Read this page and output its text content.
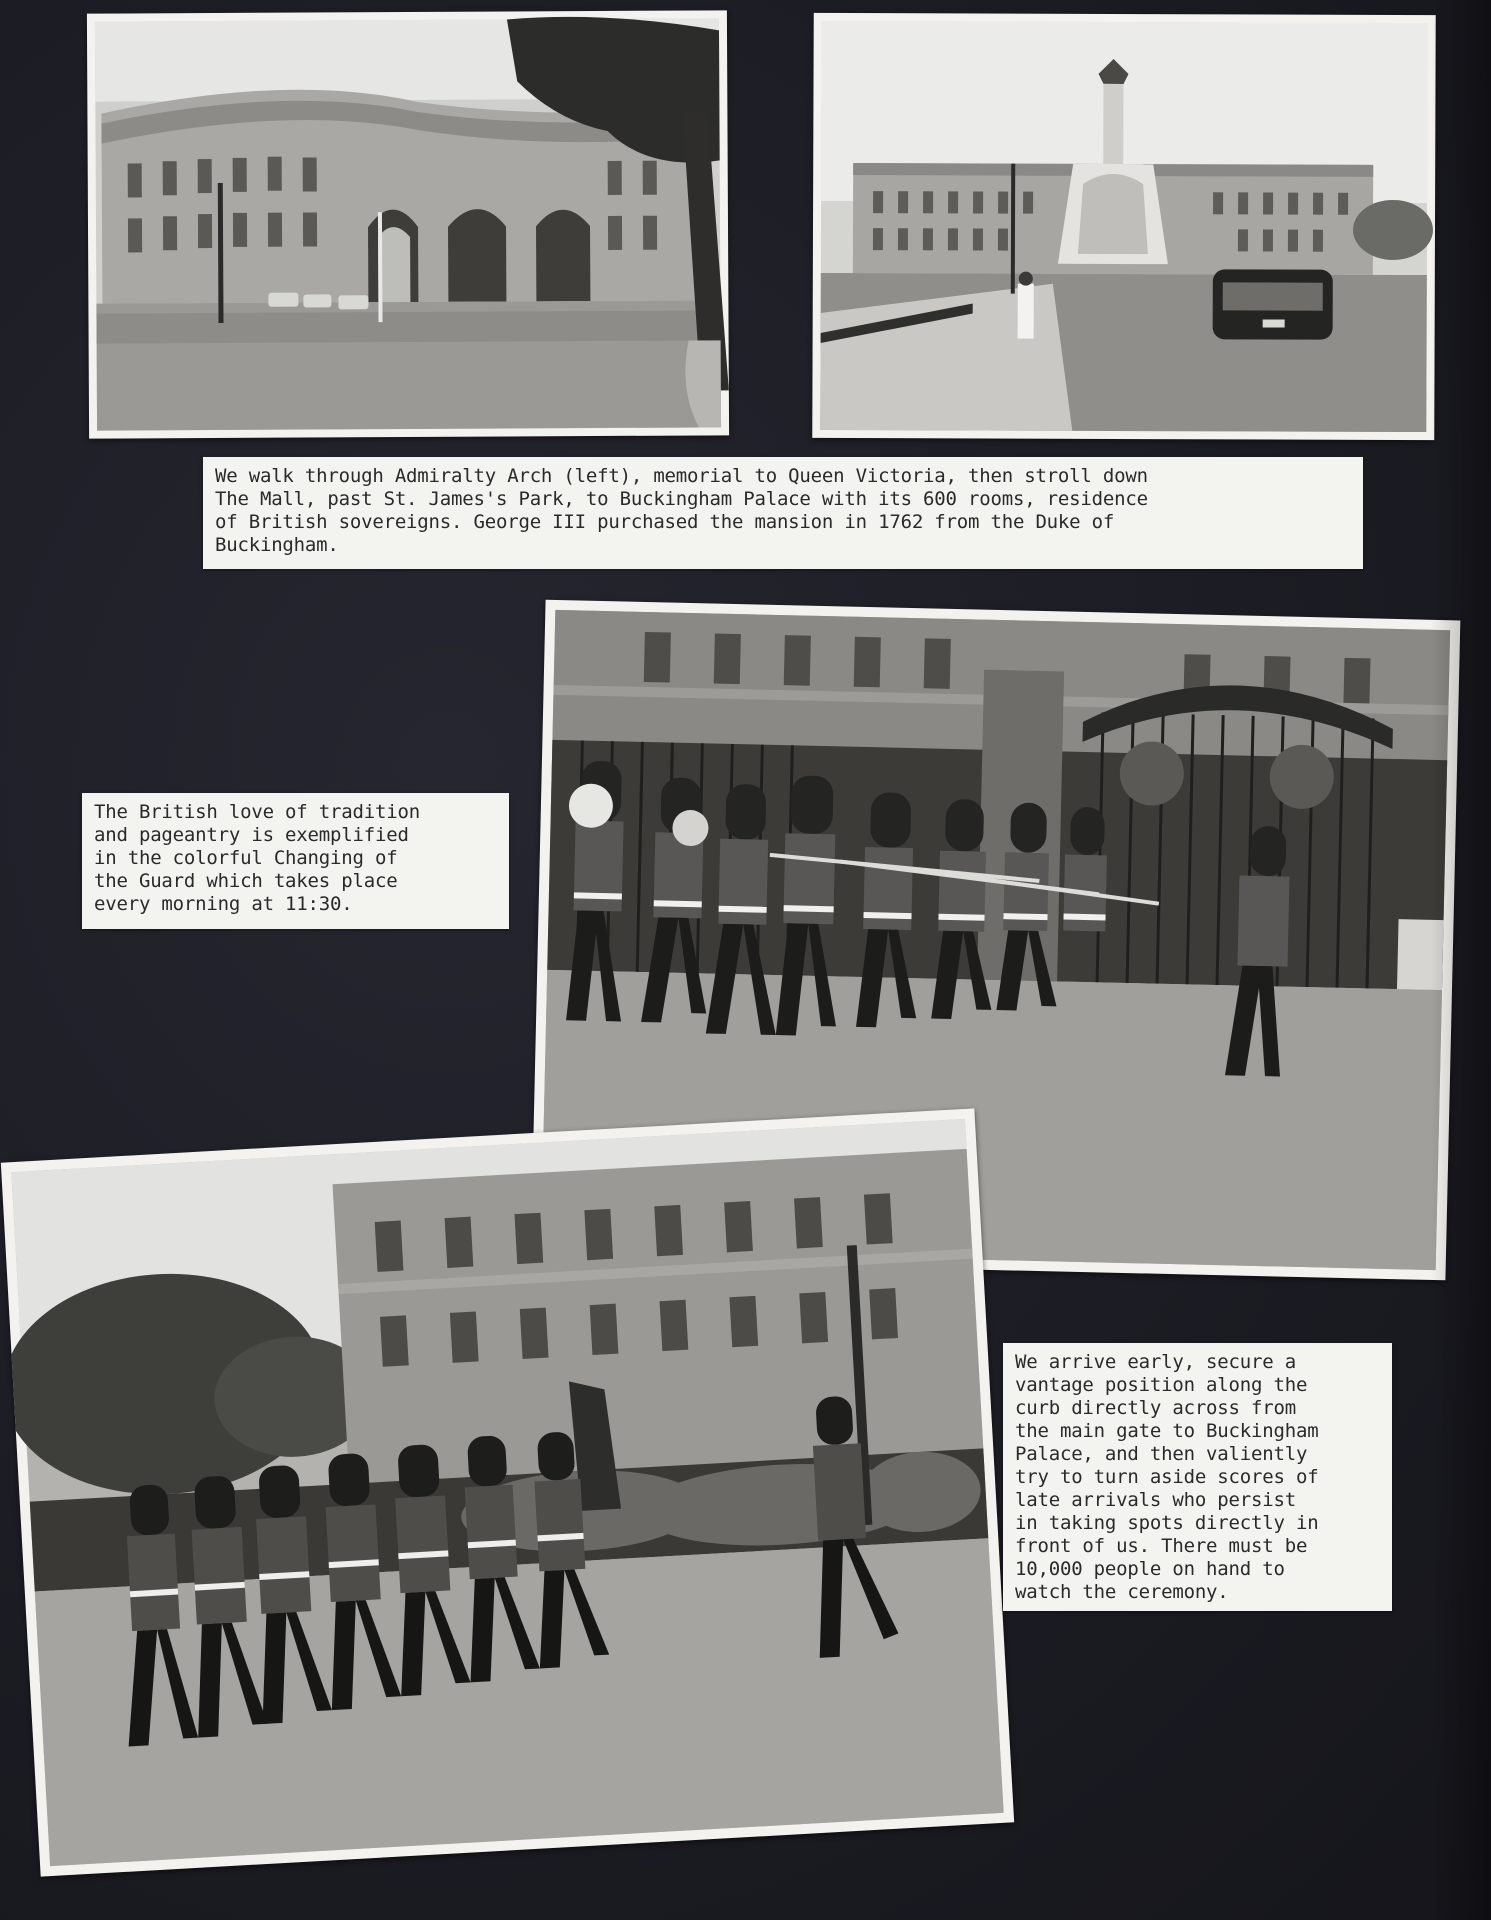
We walk through Admiralty Arch (left), memorial to Queen Victoria, then stroll down
The Mall, past St. James's Park, to Buckingham Palace with its 600 rooms, residence
of British sovereigns. George III purchased the mansion in 1762 from the Duke of
Buckingham.
The British love of tradition
and pageantry is exemplified
in the colorful Changing of
the Guard which takes place
every morning at 11:30.
We arrive early, secure a
vantage position along the
curb directly across from
the main gate to Buckingham
Palace, and then valiently
try to turn aside scores of
late arrivals who persist
in taking spots directly in
front of us. There must be
10,000 people on hand to
watch the ceremony.
